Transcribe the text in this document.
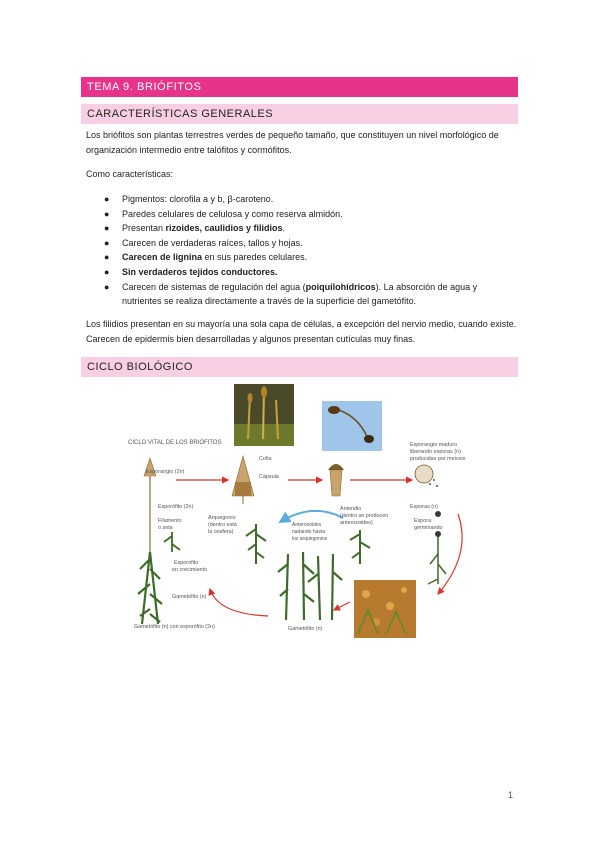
TEMA 9. BRIÓFITOS
CARACTERÍSTICAS GENERALES
Los briófitos son plantas terrestres verdes de pequeño tamaño, que constituyen un nivel morfológico de organización intermedio entre talófitos y cormófitos.
Como características:
● Pigmentos: clorofila a y b, β-caroteno.
● Paredes celulares de celulosa y como reserva almidón.
● Presentan rizoides, caulidios y filidios.
● Carecen de verdaderas raíces, tallos y hojas.
● Carecen de lignina en sus paredes celulares.
● Sin verdaderos tejidos conductores.
● Carecen de sistemas de regulación del agua (poiquilohídricos). La absorción de agua y nutrientes se realiza directamente a través de la superficie del gametófito.
Los filidios presentan en su mayoría una sola capa de células, a excepción del nervio medio, cuando existe. Carecen de epidermis bien desarrolladas y algunos presentan cutículas muy finas.
CICLO BIOLÓGICO
CICLO VITAL DE LOS BRIÓFITOS
Esporangio (2n)
Cofia
Cápsula
Esporófito (2n)
Filamento
o seta
Arquegonio
(dentro está
la oosfera)
Anterozoides
nadando hasta
los arquegonios
Anteridio
(dentro se producen
anterozoides)
Esporangio maduro
liberando esporas (n)
producidas por meiosis
Esporas (n)
Espora
germinando
Esporofito
en crecimiento
Gametófito (n)
Gametófito (n) con esporófito (2n)	Gametófito (n)
1
